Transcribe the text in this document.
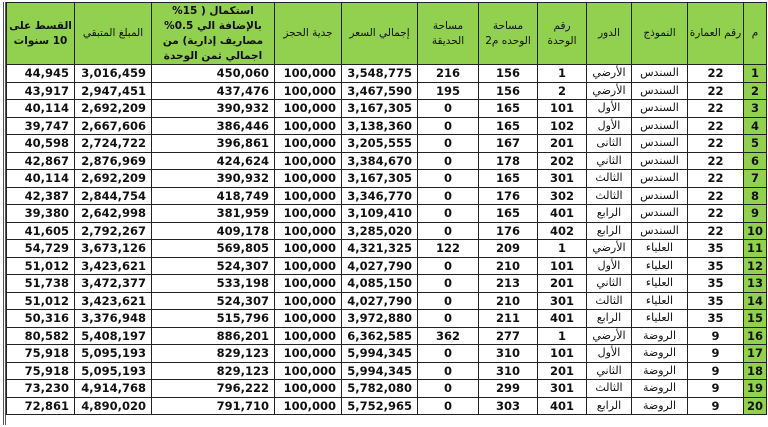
القسط على 10 سنوات	المبلغ المتبقي	استكمال ( 15% بالإضافة الي 0.5% مصاريف إدارية) من اجمالي ثمن الوحدة	جدية الحجز	إجمالي السعر	مساحة الحديقة	مساحة الوحده م2	رقم الوحدة	الدور	النموذج	رقم العمارة	م
44,945	3,016,459	450,060	100,000	3,548,775	216	156	1	الأرضي	السندس	22	1
43,917	2,947,451	437,476	100,000	3,467,590	195	156	2	الأرضي	السندس	22	2
40,114	2,692,209	390,932	100,000	3,167,305	0	165	101	الأول	السندس	22	3
39,747	2,667,606	386,446	100,000	3,138,360	0	165	102	الأول	السندس	22	4
40,598	2,724,722	396,861	100,000	3,205,555	0	167	201	الثانى	السندس	22	5
42,867	2,876,969	424,624	100,000	3,384,670	0	178	202	الثاني	السندس	22	6
40,114	2,692,209	390,932	100,000	3,167,305	0	165	301	الثالث	السندس	22	7
42,387	2,844,754	418,749	100,000	3,346,770	0	176	302	الثالث	السندس	22	8
39,380	2,642,998	381,959	100,000	3,109,410	0	165	401	الرابع	السندس	22	9
41,605	2,792,267	409,178	100,000	3,285,020	0	176	402	الرابع	السندس	22	10
54,729	3,673,126	569,805	100,000	4,321,325	122	209	1	الأرضي	العلياء	35	11
51,012	3,423,621	524,307	100,000	4,027,790	0	210	101	الأول	العلياء	35	12
51,738	3,472,377	533,198	100,000	4,085,150	0	213	201	الثاني	العلياء	35	13
51,012	3,423,621	524,307	100,000	4,027,790	0	210	301	الثالث	العلياء	35	14
50,316	3,376,948	515,796	100,000	3,972,880	0	211	401	الرابع	العلياء	35	15
80,582	5,408,197	886,201	100,000	6,362,585	362	277	1	الأرضي	الروضة	9	16
75,918	5,095,193	829,123	100,000	5,994,345	0	310	101	الأول	الروضة	9	17
75,918	5,095,193	829,123	100,000	5,994,345	0	310	201	الثاني	الروضة	9	18
73,230	4,914,768	796,222	100,000	5,782,080	0	299	301	الثالث	الروضة	9	19
72,861	4,890,020	791,710	100,000	5,752,965	0	303	401	الرابع	الروضة	9	20
